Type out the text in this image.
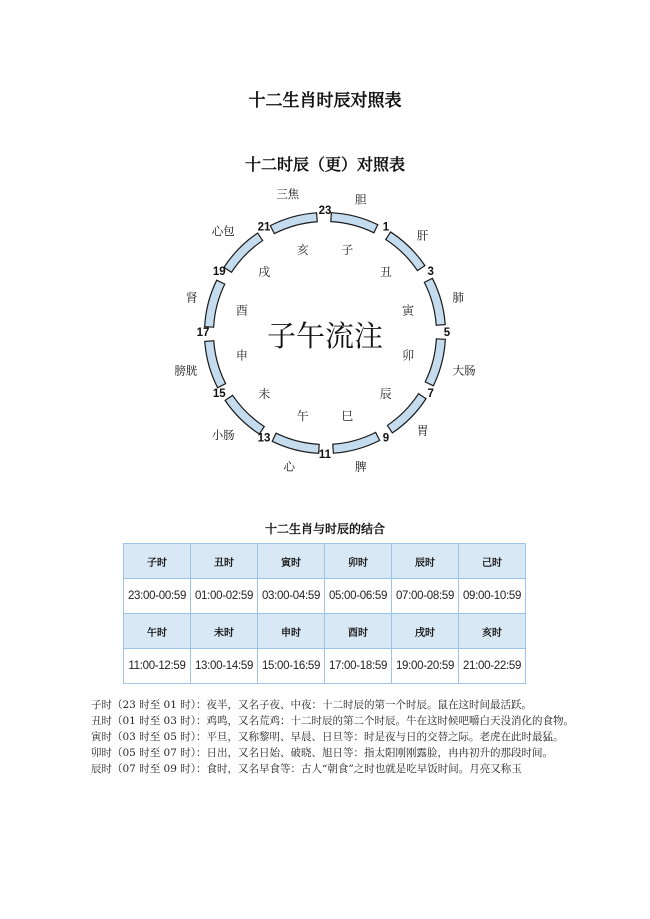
十二生肖时辰对照表
十二时辰（更）对照表
23
1
3
5
7
9
11
13
15
17
19
21
子
丑
寅
卯
辰
巳
午
未
申
酉
戌
亥
胆
肝
肺
大肠
胃
脾
心
小肠
膀胱
肾
心包
三焦
子午流注
十二生肖与时辰的结合
子时	丑时	寅时	卯时	辰时	己时
23:00-00:59	01:00-02:59	03:00-04:59	05:00-06:59	07:00-08:59	09:00-10:59
午时	未时	申时	酉时	戌时	亥时
11:00-12:59	13:00-14:59	15:00-16:59	17:00-18:59	19:00-20:59	21:00-22:59

子时（23 时至 01 时）：夜半，又名子夜、中夜：十二时辰的第一个时辰。鼠在这时间最活跃。

丑时（01 时至 03 时）：鸡鸣，又名荒鸡：十二时辰的第二个时辰。牛在这时候吧嚼白天没消化的食物。

寅时（03 时至 05 时）：平旦，又称黎明、早晨、日旦等：时是夜与日的交替之际。老虎在此时最猛。

卯时（05 时至 07 时）：日出，又名日始、破晓、旭日等：指太阳刚刚露脸，冉冉初升的那段时间。

辰时（07 时至 09 时）：食时，又名早食等：古人“朝食”之时也就是吃早饭时间。月亮又称玉
